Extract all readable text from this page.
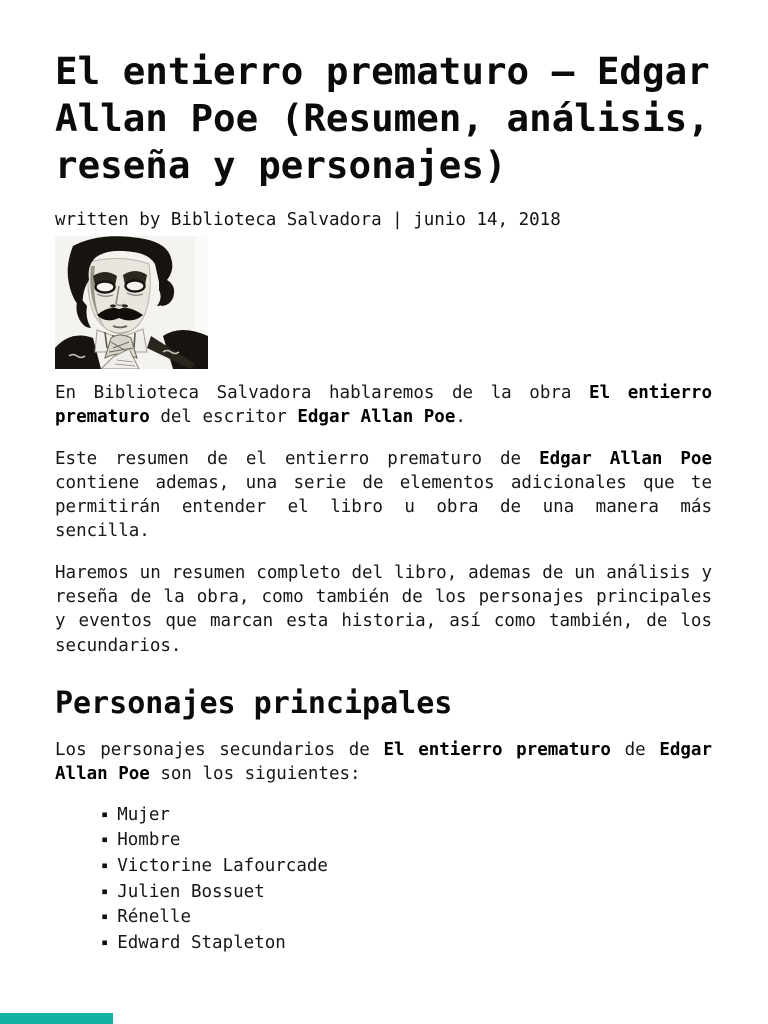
El entierro prematuro — Edgar Allan Poe (Resumen, análisis, reseña y personajes)
written by Biblioteca Salvadora | junio 14, 2018

En Biblioteca Salvadora hablaremos de la obra El entierro prematuro del escritor Edgar Allan Poe.

Este resumen de el entierro prematuro de Edgar Allan Poe contiene ademas, una serie de elementos adicionales que te permitirán entender el libro u obra de una manera más sencilla.

Haremos un resumen completo del libro, ademas de un análisis y reseña de la obra, como también de los personajes principales y eventos que marcan esta historia, así como también, de los secundarios.

Personajes principales

Los personajes secundarios de El entierro prematuro de Edgar Allan Poe son los siguientes:

▪ Mujer
▪ Hombre
▪ Victorine Lafourcade
▪ Julien Bossuet
▪ Rénelle
▪ Edward Stapleton
